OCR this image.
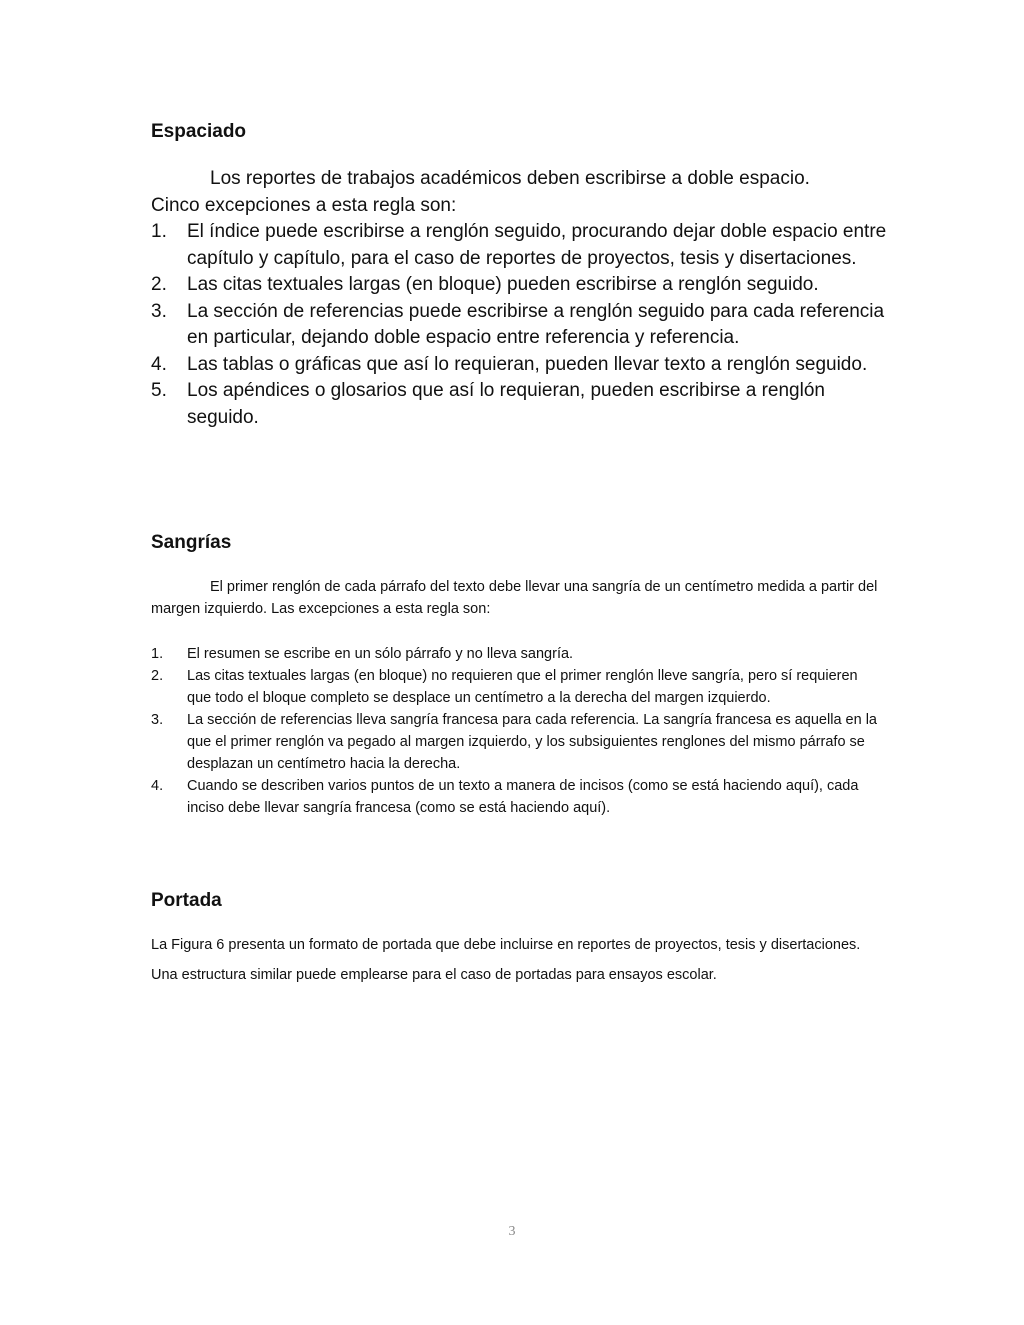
Espaciado

Los reportes de trabajos académicos deben escribirse a doble espacio.
Cinco excepciones a esta regla son:

1. El índice puede escribirse a renglón seguido, procurando dejar doble espacio entre capítulo y capítulo, para el caso de reportes de proyectos, tesis y disertaciones.
2. Las citas textuales largas (en bloque) pueden escribirse a renglón seguido.
3. La sección de referencias puede escribirse a renglón seguido para cada referencia en particular, dejando doble espacio entre referencia y referencia.
4. Las tablas o gráficas que así lo requieran, pueden llevar texto a renglón seguido.
5. Los apéndices o glosarios que así lo requieran, pueden escribirse a renglón seguido.
Sangrías

El primer renglón de cada párrafo del texto debe llevar una sangría de un centímetro medida a partir del margen izquierdo. Las excepciones a esta regla son:

1. El resumen se escribe en un sólo párrafo y no lleva sangría.
2. Las citas textuales largas (en bloque) no requieren que el primer renglón lleve sangría, pero sí requieren que todo el bloque completo se desplace un centímetro a la derecha del margen izquierdo.
3. La sección de referencias lleva sangría francesa para cada referencia. La sangría francesa es aquella en la que el primer renglón va pegado al margen izquierdo, y los subsiguientes renglones del mismo párrafo se desplazan un centímetro hacia la derecha.
4. Cuando se describen varios puntos de un texto a manera de incisos (como se está haciendo aquí), cada inciso debe llevar sangría francesa (como se está haciendo aquí).
Portada

La Figura 6 presenta un formato de portada que debe incluirse en reportes de proyectos, tesis y disertaciones. Una estructura similar puede emplearse para el caso de portadas para ensayos escolar.

3
